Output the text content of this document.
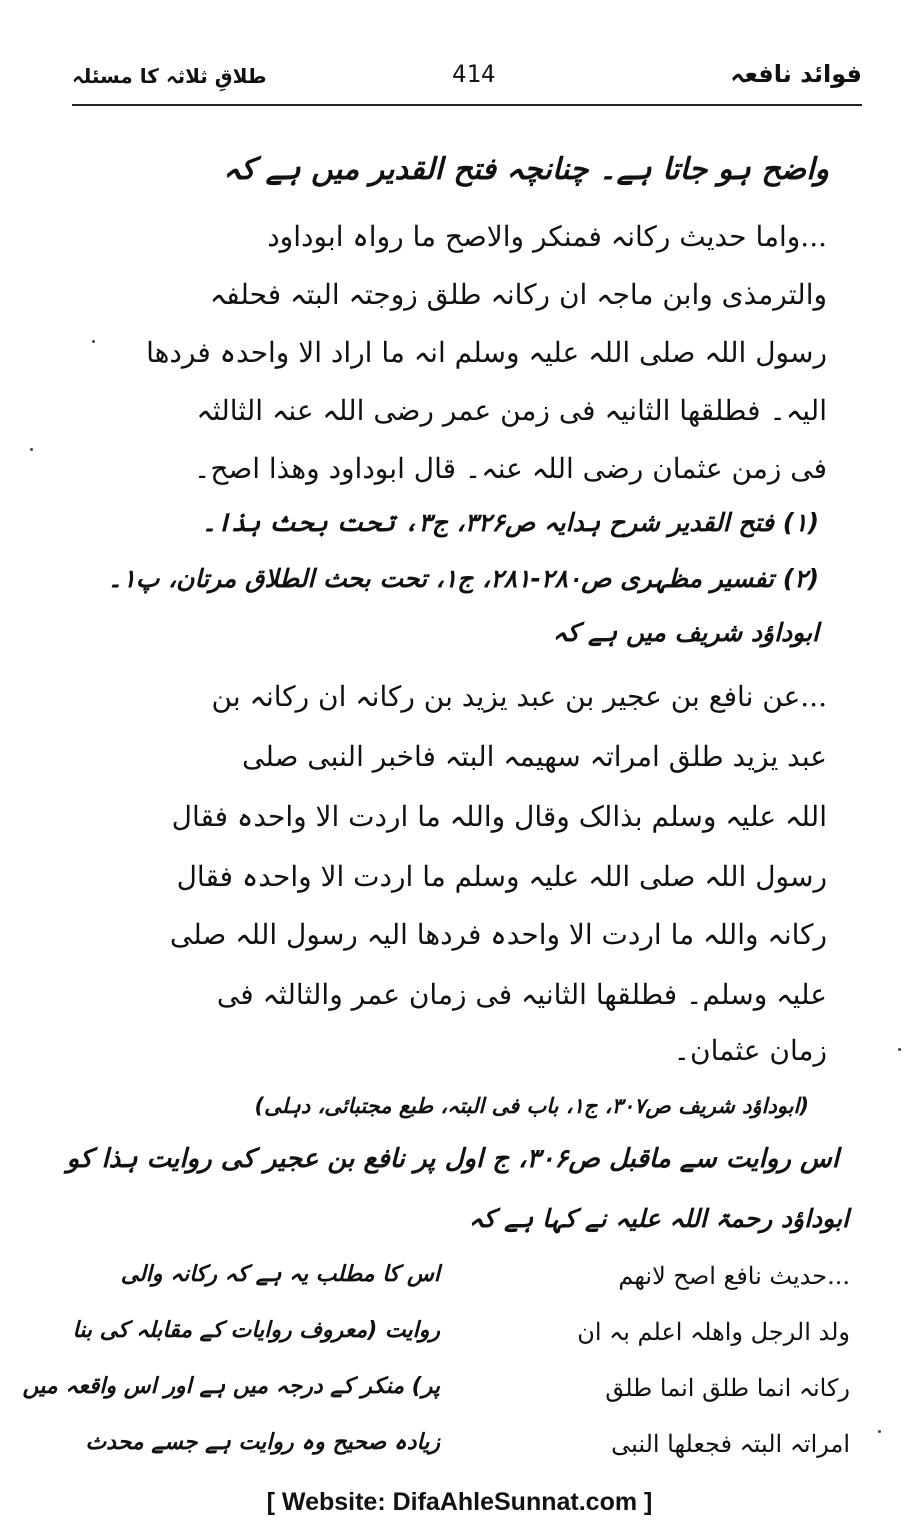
فوائد نافعہ
414
طلاقِ ثلاثہ کا مسئلہ
واضح ہو جاتا ہے۔ چنانچہ فتح القدیر میں ہے کہ
...واما حدیث رکانہ فمنکر والاصح ما رواہ ابوداود
والترمذی وابن ماجہ ان رکانہ طلق زوجتہ البتہ فحلفہ
رسول اللہ صلی اللہ علیہ وسلم انہ ما اراد الا واحدہ فردھا
الیہ۔ فطلقھا الثانیہ فی زمن عمر رضی اللہ عنہ الثالثہ
فی زمن عثمان رضی اللہ عنہ۔ قال ابوداود وھذا اصح۔
(۱) فتح القدیر شرح ہدایہ ص۳۲۶، ج۳، تحت بحث ہذا۔
(۲) تفسیر مظہری ص۲۸۰-۲۸۱، ج۱، تحت بحث الطلاق مرتان، پ۱۔
ابوداؤد شریف میں ہے کہ
...عن نافع بن عجیر بن عبد یزید بن رکانہ ان رکانہ بن
عبد یزید طلق امراتہ سھیمہ البتہ فاخبر النبی صلی
اللہ علیہ وسلم بذالک وقال واللہ ما اردت الا واحدہ فقال
رسول اللہ صلی اللہ علیہ وسلم ما اردت الا واحدہ فقال
رکانہ واللہ ما اردت الا واحدہ فردھا الیہ رسول اللہ صلی
علیہ وسلم۔ فطلقھا الثانیہ فی زمان عمر والثالثہ فی
زمان عثمان۔
(ابوداؤد شریف ص۳۰۷، ج۱، باب فی البتہ، طبع مجتبائی، دہلی)
اس روایت سے ماقبل ص۳۰۶، ج اول پر نافع بن عجیر کی روایت ہذا کو
ابوداؤد رحمۃ اللہ علیہ نے کہا ہے کہ
...حدیث نافع اصح لانھم
ولد الرجل واھلہ اعلم بہ ان
رکانہ انما طلق انما طلق
امراتہ البتہ فجعلھا النبی
اس کا مطلب یہ ہے کہ رکانہ والی
روایت (معروف روایات کے مقابلہ کی بنا
پر) منکر کے درجہ میں ہے اور اس واقعہ میں
زیادہ صحیح وہ روایت ہے جسے محدث
[ Website: DifaAhleSunnat.com ]
